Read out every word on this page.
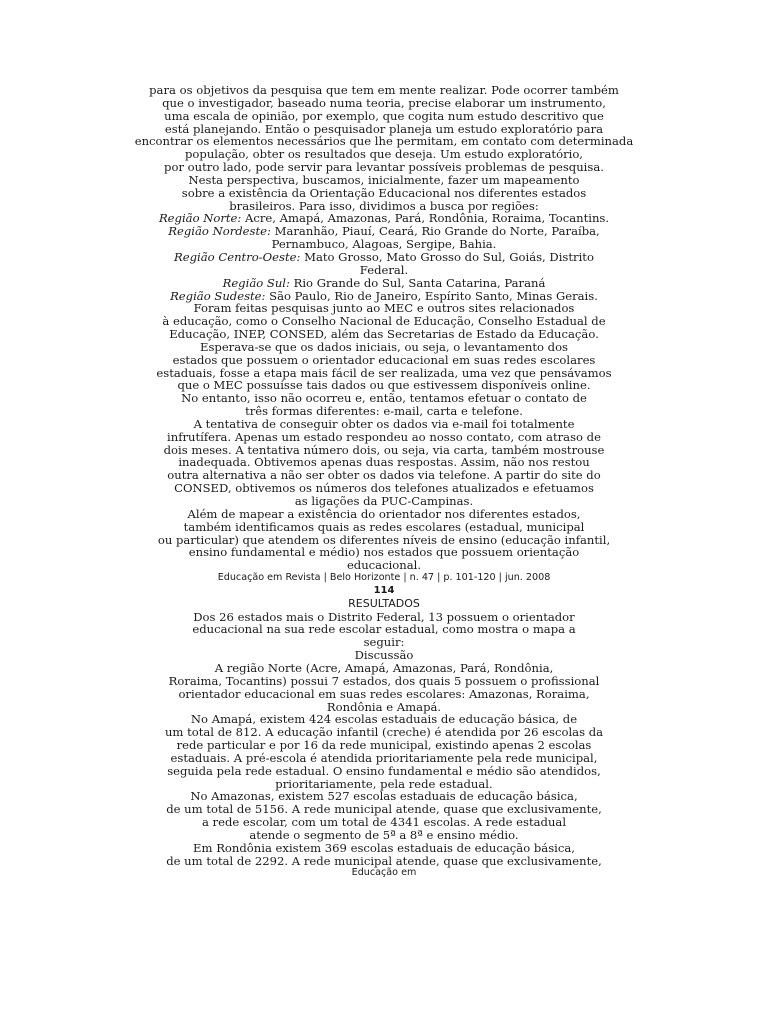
para os objetivos da pesquisa que tem em mente realizar. Pode ocorrer também
que o investigador, baseado numa teoria, precise elaborar um instrumento,
uma escala de opinião, por exemplo, que cogita num estudo descritivo que
está planejando. Então o pesquisador planeja um estudo exploratório para
encontrar os elementos necessários que lhe permitam, em contato com determinada
população, obter os resultados que deseja. Um estudo exploratório,
por outro lado, pode servir para levantar possíveis problemas de pesquisa.
Nesta perspectiva, buscamos, inicialmente, fazer um mapeamento
sobre a existência da Orientação Educacional nos diferentes estados
brasileiros. Para isso, dividimos a busca por regiões:
Região Norte: Acre, Amapá, Amazonas, Pará, Rondônia, Roraima, Tocantins.
Região Nordeste: Maranhão, Piauí, Ceará, Rio Grande do Norte, Paraíba,
Pernambuco, Alagoas, Sergipe, Bahia.
Região Centro-Oeste: Mato Grosso, Mato Grosso do Sul, Goiás, Distrito
Federal.
Região Sul: Rio Grande do Sul, Santa Catarina, Paraná
Região Sudeste: São Paulo, Rio de Janeiro, Espírito Santo, Minas Gerais.
Foram feitas pesquisas junto ao MEC e outros sites relacionados
à educação, como o Conselho Nacional de Educação, Conselho Estadual de
Educação, INEP, CONSED, além das Secretarias de Estado da Educação.
Esperava-se que os dados iniciais, ou seja, o levantamento dos
estados que possuem o orientador educacional em suas redes escolares
estaduais, fosse a etapa mais fácil de ser realizada, uma vez que pensávamos
que o MEC possuísse tais dados ou que estivessem disponíveis online.
No entanto, isso não ocorreu e, então, tentamos efetuar o contato de
três formas diferentes: e-mail, carta e telefone.
A tentativa de conseguir obter os dados via e-mail foi totalmente
infrutífera. Apenas um estado respondeu ao nosso contato, com atraso de
dois meses. A tentativa número dois, ou seja, via carta, também mostrouse
inadequada. Obtivemos apenas duas respostas. Assim, não nos restou
outra alternativa a não ser obter os dados via telefone. A partir do site do
CONSED, obtivemos os números dos telefones atualizados e efetuamos
as ligações da PUC-Campinas.
Além de mapear a existência do orientador nos diferentes estados,
também identificamos quais as redes escolares (estadual, municipal
ou particular) que atendem os diferentes níveis de ensino (educação infantil,
ensino fundamental e médio) nos estados que possuem orientação
educacional.
Educação em Revista | Belo Horizonte | n. 47 | p. 101-120 | jun. 2008
114
RESULTADOS
Dos 26 estados mais o Distrito Federal, 13 possuem o orientador
educacional na sua rede escolar estadual, como mostra o mapa a
seguir:
Discussão
A região Norte (Acre, Amapá, Amazonas, Pará, Rondônia,
Roraima, Tocantins) possui 7 estados, dos quais 5 possuem o profissional
orientador educacional em suas redes escolares: Amazonas, Roraima,
Rondônia e Amapá.
No Amapá, existem 424 escolas estaduais de educação básica, de
um total de 812. A educação infantil (creche) é atendida por 26 escolas da
rede particular e por 16 da rede municipal, existindo apenas 2 escolas
estaduais. A pré-escola é atendida prioritariamente pela rede municipal,
seguida pela rede estadual. O ensino fundamental e médio são atendidos,
prioritariamente, pela rede estadual.
No Amazonas, existem 527 escolas estaduais de educação básica,
de um total de 5156. A rede municipal atende, quase que exclusivamente,
a rede escolar, com um total de 4341 escolas. A rede estadual
atende o segmento de 5ª a 8ª e ensino médio.
Em Rondônia existem 369 escolas estaduais de educação básica,
de um total de 2292. A rede municipal atende, quase que exclusivamente,
Educação em
